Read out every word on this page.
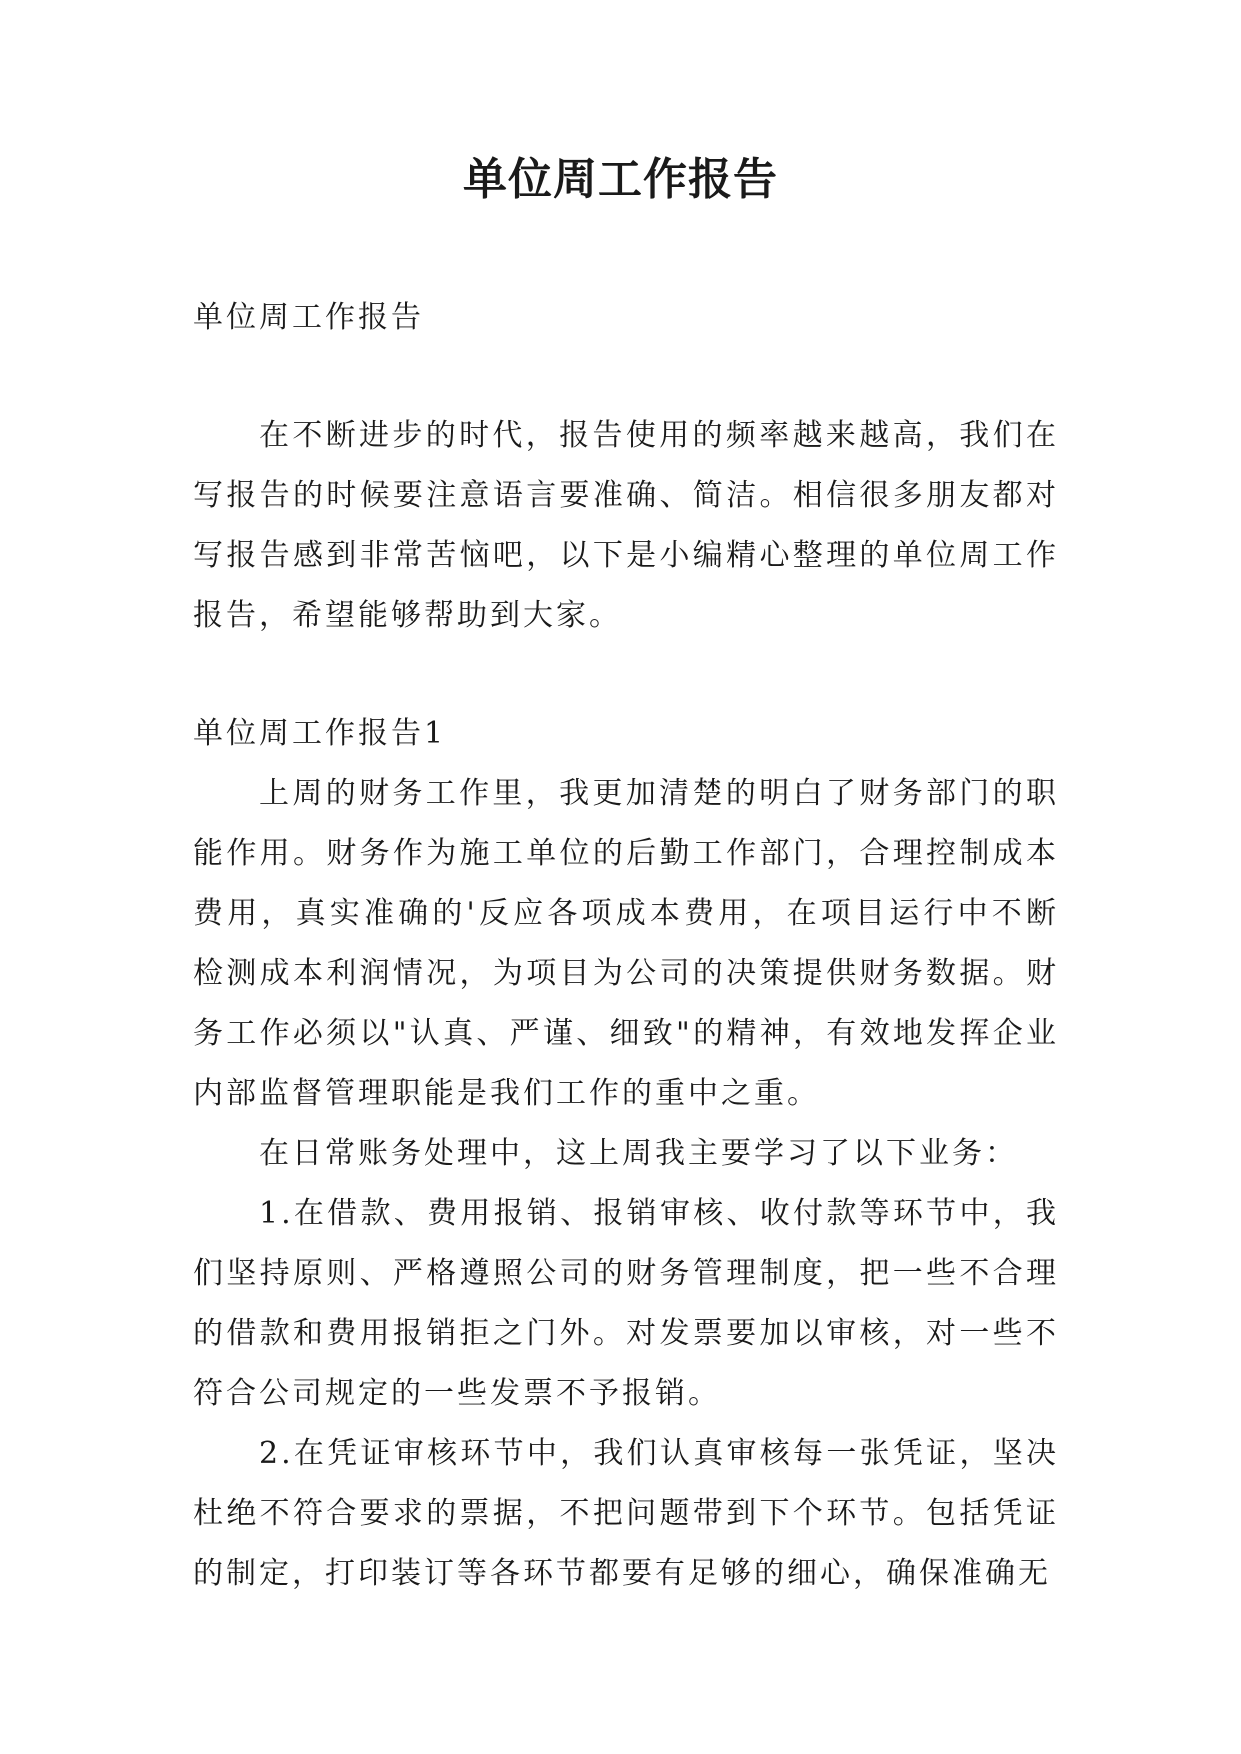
单位周工作报告

单位周工作报告

在不断进步的时代，报告使用的频率越来越高，我们在写报告的时候要注意语言要准确、简洁。相信很多朋友都对写报告感到非常苦恼吧，以下是小编精心整理的单位周工作报告，希望能够帮助到大家。

单位周工作报告1

上周的财务工作里，我更加清楚的明白了财务部门的职能作用。财务作为施工单位的后勤工作部门，合理控制成本费用，真实准确的'反应各项成本费用，在项目运行中不断检测成本利润情况，为项目为公司的决策提供财务数据。财务工作必须以"认真、严谨、细致"的精神，有效地发挥企业内部监督管理职能是我们工作的重中之重。

在日常账务处理中，这上周我主要学习了以下业务：

1.在借款、费用报销、报销审核、收付款等环节中，我们坚持原则、严格遵照公司的财务管理制度，把一些不合理的借款和费用报销拒之门外。对发票要加以审核，对一些不符合公司规定的一些发票不予报销。

2.在凭证审核环节中，我们认真审核每一张凭证，坚决杜绝不符合要求的票据，不把问题带到下个环节。包括凭证的制定，打印装订等各环节都要有足够的细心，确保准确无
